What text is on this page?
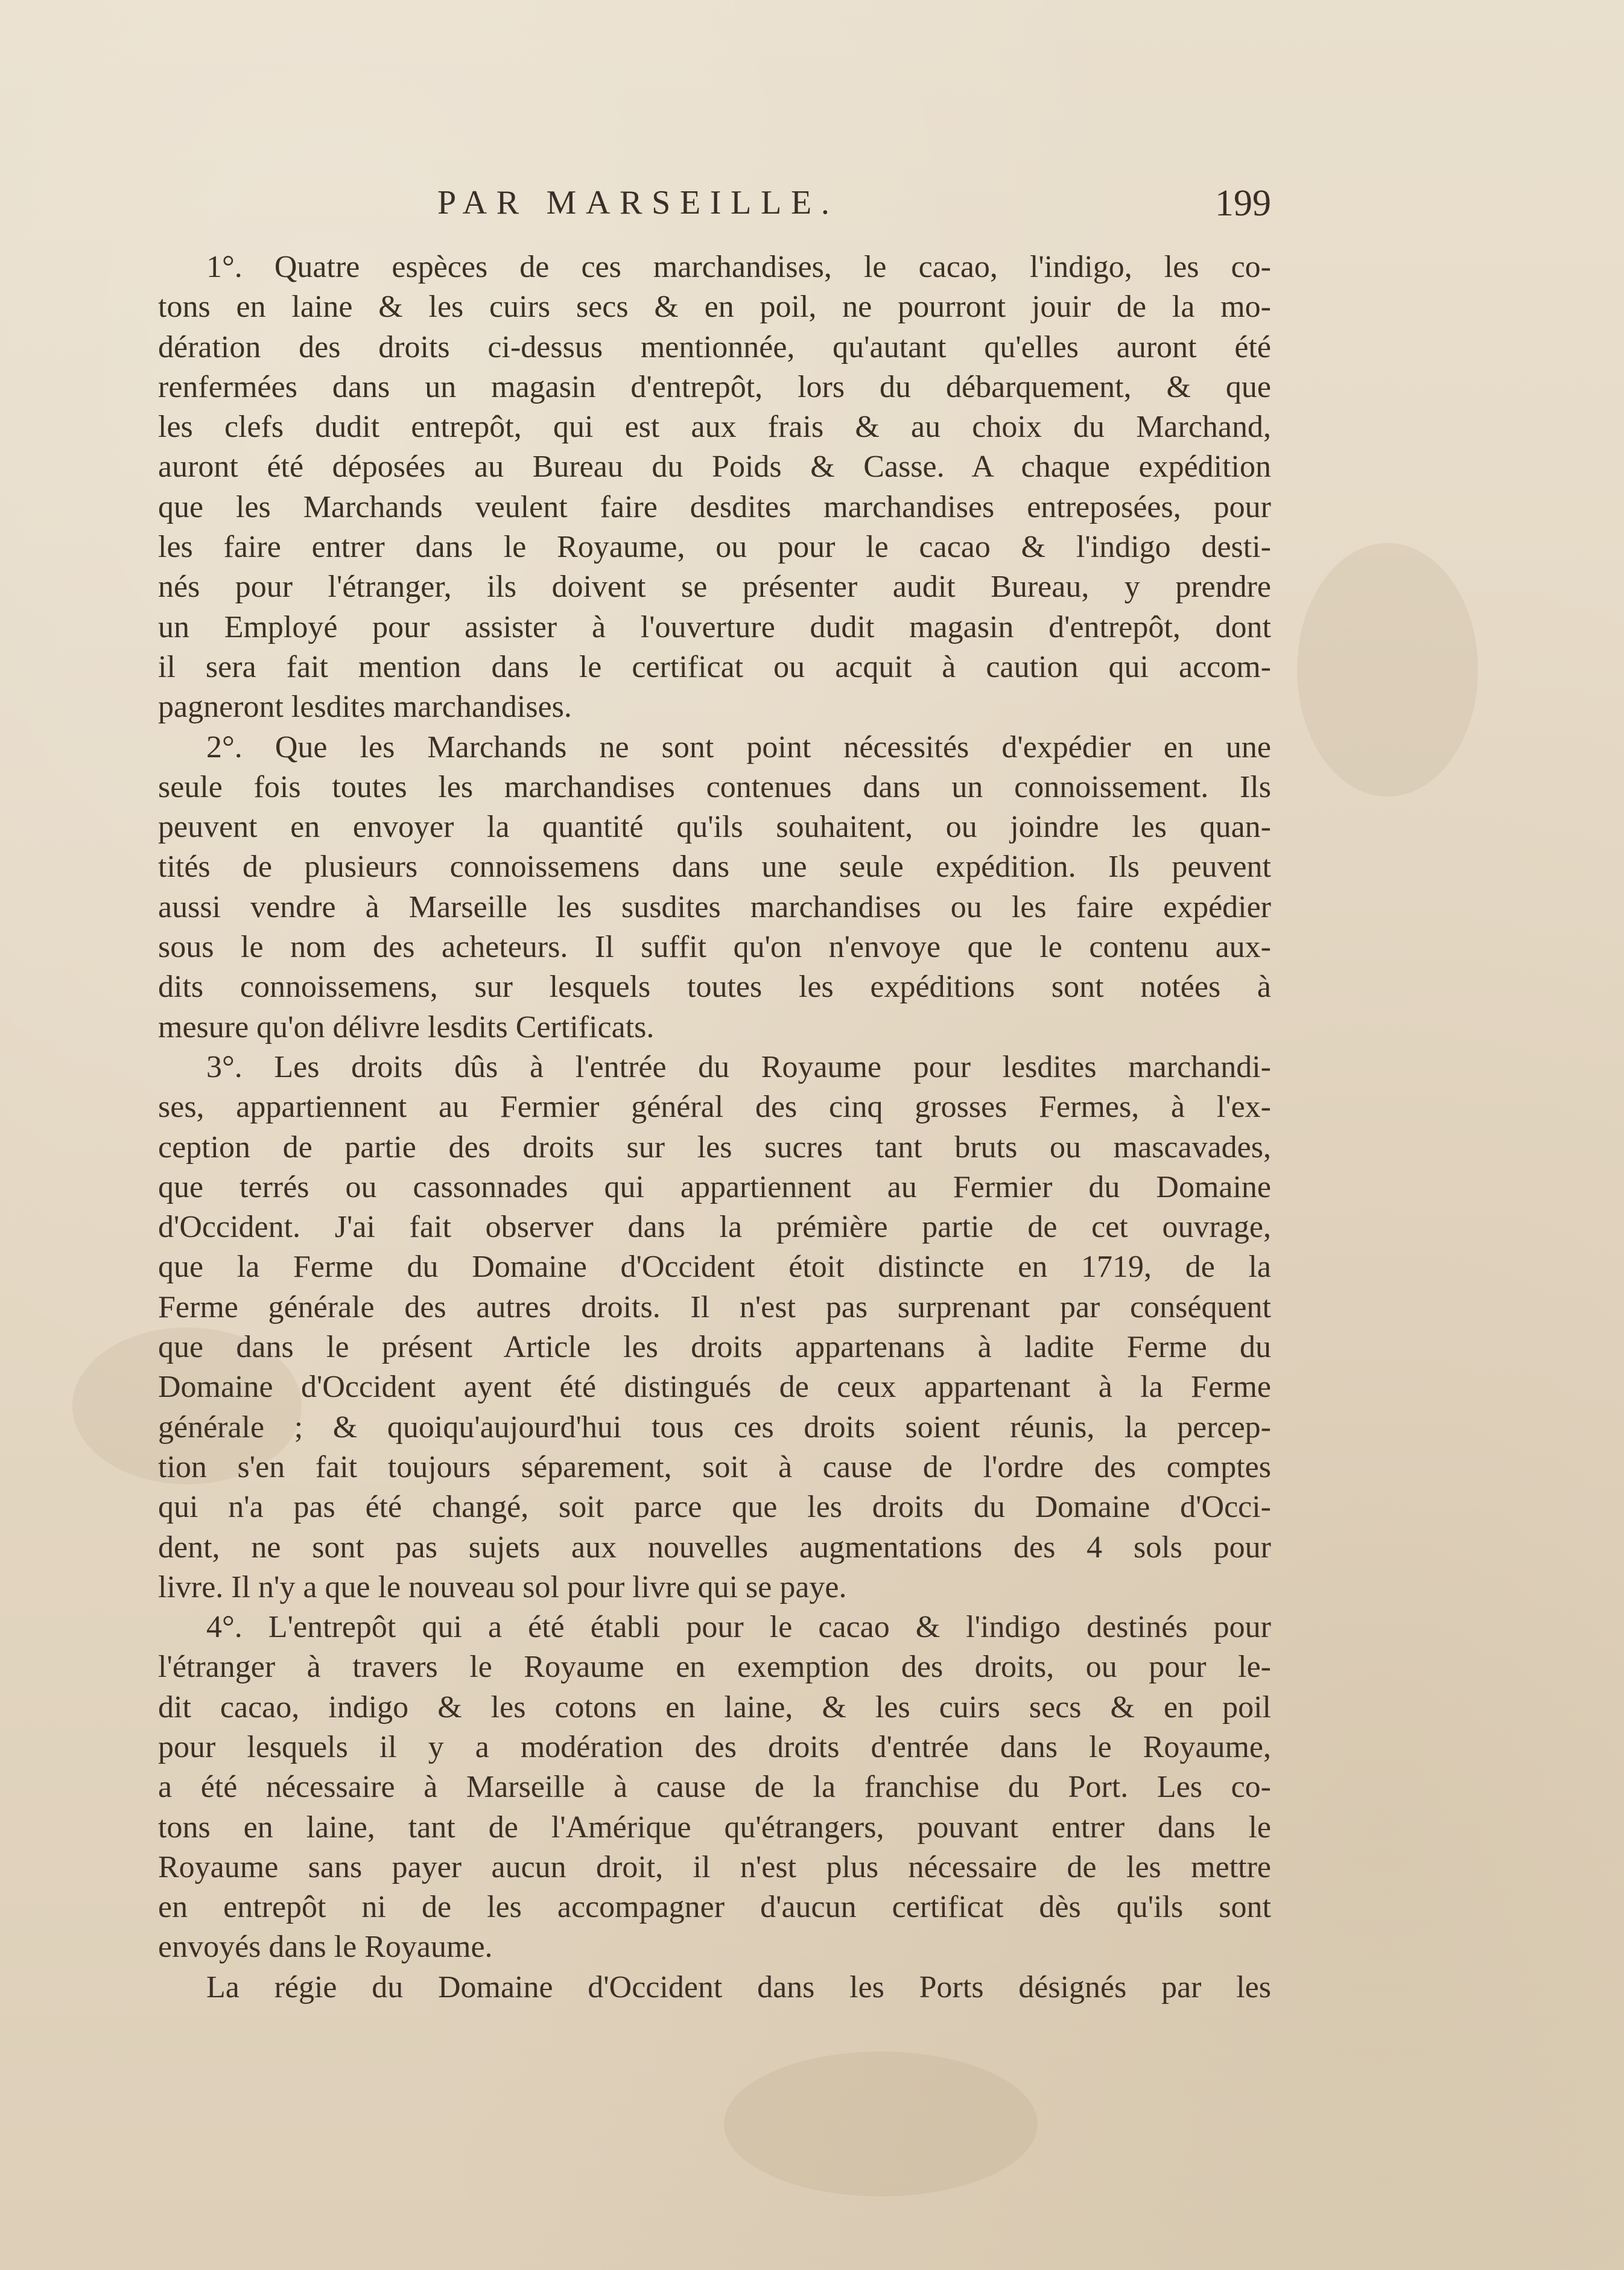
PAR MARSEILLE.	199
1°. Quatre espèces de ces marchandises, le cacao, l'indigo, les co-
tons en laine & les cuirs secs & en poil, ne pourront jouir de la mo-
dération des droits ci-dessus mentionnée, qu'autant qu'elles auront été
renfermées dans un magasin d'entrepôt, lors du débarquement, & que
les clefs dudit entrepôt, qui est aux frais & au choix du Marchand,
auront été déposées au Bureau du Poids & Casse. A chaque expédition
que les Marchands veulent faire desdites marchandises entreposées, pour
les faire entrer dans le Royaume, ou pour le cacao & l'indigo desti-
nés pour l'étranger, ils doivent se présenter audit Bureau, y prendre
un Employé pour assister à l'ouverture dudit magasin d'entrepôt, dont
il sera fait mention dans le certificat ou acquit à caution qui accom-
pagneront lesdites marchandises.
2°. Que les Marchands ne sont point nécessités d'expédier en une
seule fois toutes les marchandises contenues dans un connoissement. Ils
peuvent en envoyer la quantité qu'ils souhaitent, ou joindre les quan-
tités de plusieurs connoissemens dans une seule expédition. Ils peuvent
aussi vendre à Marseille les susdites marchandises ou les faire expédier
sous le nom des acheteurs. Il suffit qu'on n'envoye que le contenu aux-
dits connoissemens, sur lesquels toutes les expéditions sont notées à
mesure qu'on délivre lesdits Certificats.
3°. Les droits dûs à l'entrée du Royaume pour lesdites marchandi-
ses, appartiennent au Fermier général des cinq grosses Fermes, à l'ex-
ception de partie des droits sur les sucres tant bruts ou mascavades,
que terrés ou cassonnades qui appartiennent au Fermier du Domaine
d'Occident. J'ai fait observer dans la prémière partie de cet ouvrage,
que la Ferme du Domaine d'Occident étoit distincte en 1719, de la
Ferme générale des autres droits. Il n'est pas surprenant par conséquent
que dans le présent Article les droits appartenans à ladite Ferme du
Domaine d'Occident ayent été distingués de ceux appartenant à la Ferme
générale ; & quoiqu'aujourd'hui tous ces droits soient réunis, la percep-
tion s'en fait toujours séparement, soit à cause de l'ordre des comptes
qui n'a pas été changé, soit parce que les droits du Domaine d'Occi-
dent, ne sont pas sujets aux nouvelles augmentations des 4 sols pour
livre. Il n'y a que le nouveau sol pour livre qui se paye.
4°. L'entrepôt qui a été établi pour le cacao & l'indigo destinés pour
l'étranger à travers le Royaume en exemption des droits, ou pour le-
dit cacao, indigo & les cotons en laine, & les cuirs secs & en poil
pour lesquels il y a modération des droits d'entrée dans le Royaume,
a été nécessaire à Marseille à cause de la franchise du Port. Les co-
tons en laine, tant de l'Amérique qu'étrangers, pouvant entrer dans le
Royaume sans payer aucun droit, il n'est plus nécessaire de les mettre
en entrepôt ni de les accompagner d'aucun certificat dès qu'ils sont
envoyés dans le Royaume.
La régie du Domaine d'Occident dans les Ports désignés par les
